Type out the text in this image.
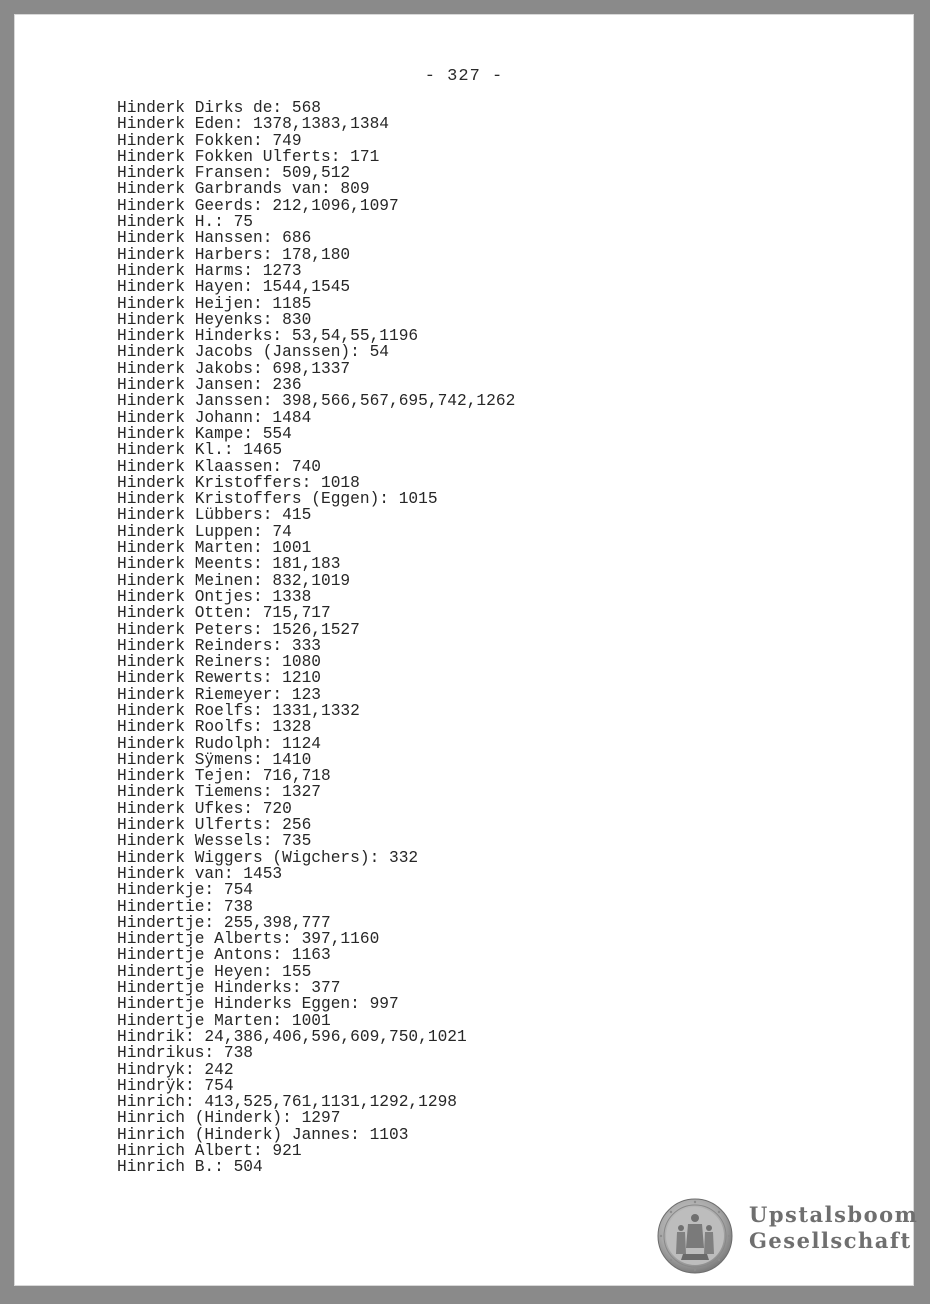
- 327 -
Hinderk Dirks de: 568
Hinderk Eden: 1378,1383,1384
Hinderk Fokken: 749
Hinderk Fokken Ulferts: 171
Hinderk Fransen: 509,512
Hinderk Garbrands van: 809
Hinderk Geerds: 212,1096,1097
Hinderk H.: 75
Hinderk Hanssen: 686
Hinderk Harbers: 178,180
Hinderk Harms: 1273
Hinderk Hayen: 1544,1545
Hinderk Heijen: 1185
Hinderk Heyenks: 830
Hinderk Hinderks: 53,54,55,1196
Hinderk Jacobs (Janssen): 54
Hinderk Jakobs: 698,1337
Hinderk Jansen: 236
Hinderk Janssen: 398,566,567,695,742,1262
Hinderk Johann: 1484
Hinderk Kampe: 554
Hinderk Kl.: 1465
Hinderk Klaassen: 740
Hinderk Kristoffers: 1018
Hinderk Kristoffers (Eggen): 1015
Hinderk Lübbers: 415
Hinderk Luppen: 74
Hinderk Marten: 1001
Hinderk Meents: 181,183
Hinderk Meinen: 832,1019
Hinderk Ontjes: 1338
Hinderk Otten: 715,717
Hinderk Peters: 1526,1527
Hinderk Reinders: 333
Hinderk Reiners: 1080
Hinderk Rewerts: 1210
Hinderk Riemeyer: 123
Hinderk Roelfs: 1331,1332
Hinderk Roolfs: 1328
Hinderk Rudolph: 1124
Hinderk Sÿmens: 1410
Hinderk Tejen: 716,718
Hinderk Tiemens: 1327
Hinderk Ufkes: 720
Hinderk Ulferts: 256
Hinderk Wessels: 735
Hinderk Wiggers (Wigchers): 332
Hinderk van: 1453
Hinderkje: 754
Hindertie: 738
Hindertje: 255,398,777
Hindertje Alberts: 397,1160
Hindertje Antons: 1163
Hindertje Heyen: 155
Hindertje Hinderks: 377
Hindertje Hinderks Eggen: 997
Hindertje Marten: 1001
Hindrik: 24,386,406,596,609,750,1021
Hindrikus: 738
Hindryk: 242
Hindrÿk: 754
Hinrich: 413,525,761,1131,1292,1298
Hinrich (Hinderk): 1297
Hinrich (Hinderk) Jannes: 1103
Hinrich Albert: 921
Hinrich B.: 504
Upstalsboom
Gesellschaft
